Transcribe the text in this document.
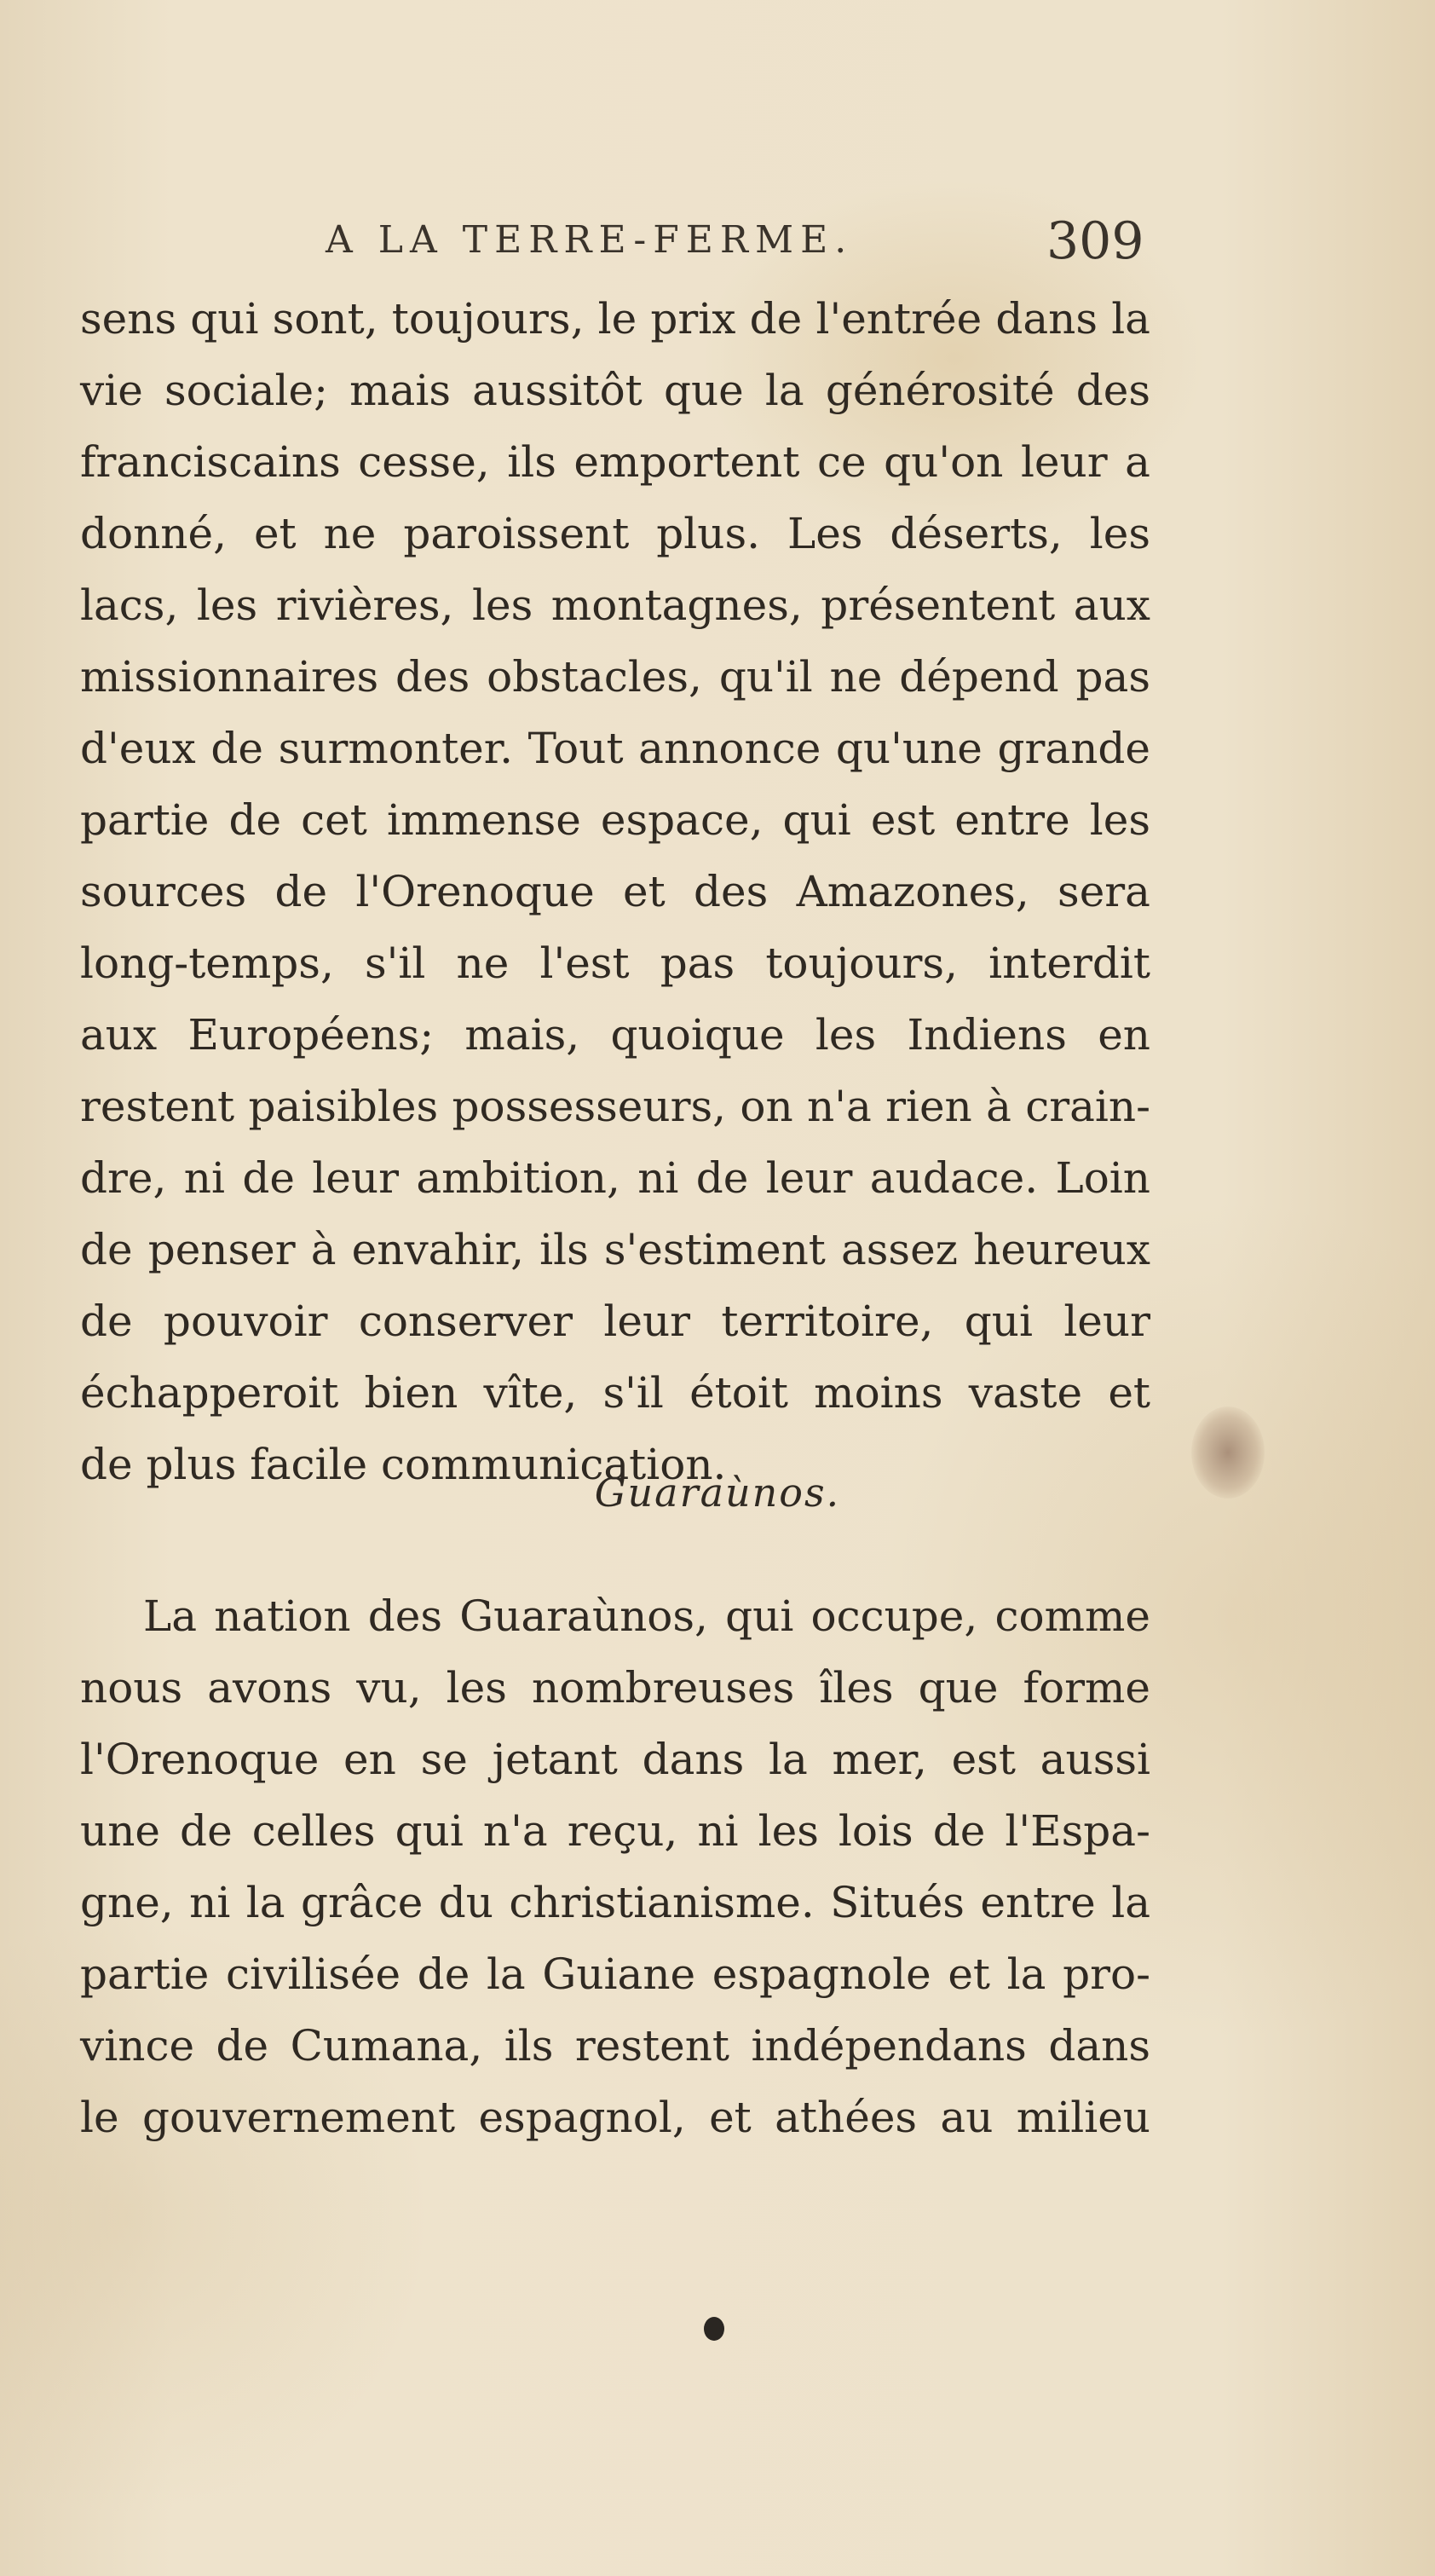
A LA TERRE-FERME.	309
sens qui sont, toujours, le prix de l'entrée dans la
vie sociale; mais aussitôt que la générosité des
franciscains cesse, ils emportent ce qu'on leur a
donné, et ne paroissent plus. Les déserts, les
lacs, les rivières, les montagnes, présentent aux
missionnaires des obstacles, qu'il ne dépend pas
d'eux de surmonter. Tout annonce qu'une grande
partie de cet immense espace, qui est entre les
sources de l'Orenoque et des Amazones, sera
long-temps, s'il ne l'est pas toujours, interdit
aux Européens; mais, quoique les Indiens en
restent paisibles possesseurs, on n'a rien à crain-
dre, ni de leur ambition, ni de leur audace. Loin
de penser à envahir, ils s'estiment assez heureux
de pouvoir conserver leur territoire, qui leur
échapperoit bien vîte, s'il étoit moins vaste et
de plus facile communication.
Guaraùnos.
La nation des Guaraùnos, qui occupe, comme
nous avons vu, les nombreuses îles que forme
l'Orenoque en se jetant dans la mer, est aussi
une de celles qui n'a reçu, ni les lois de l'Espa-
gne, ni la grâce du christianisme. Situés entre la
partie civilisée de la Guiane espagnole et la pro-
vince de Cumana, ils restent indépendans dans
le gouvernement espagnol, et athées au milieu
